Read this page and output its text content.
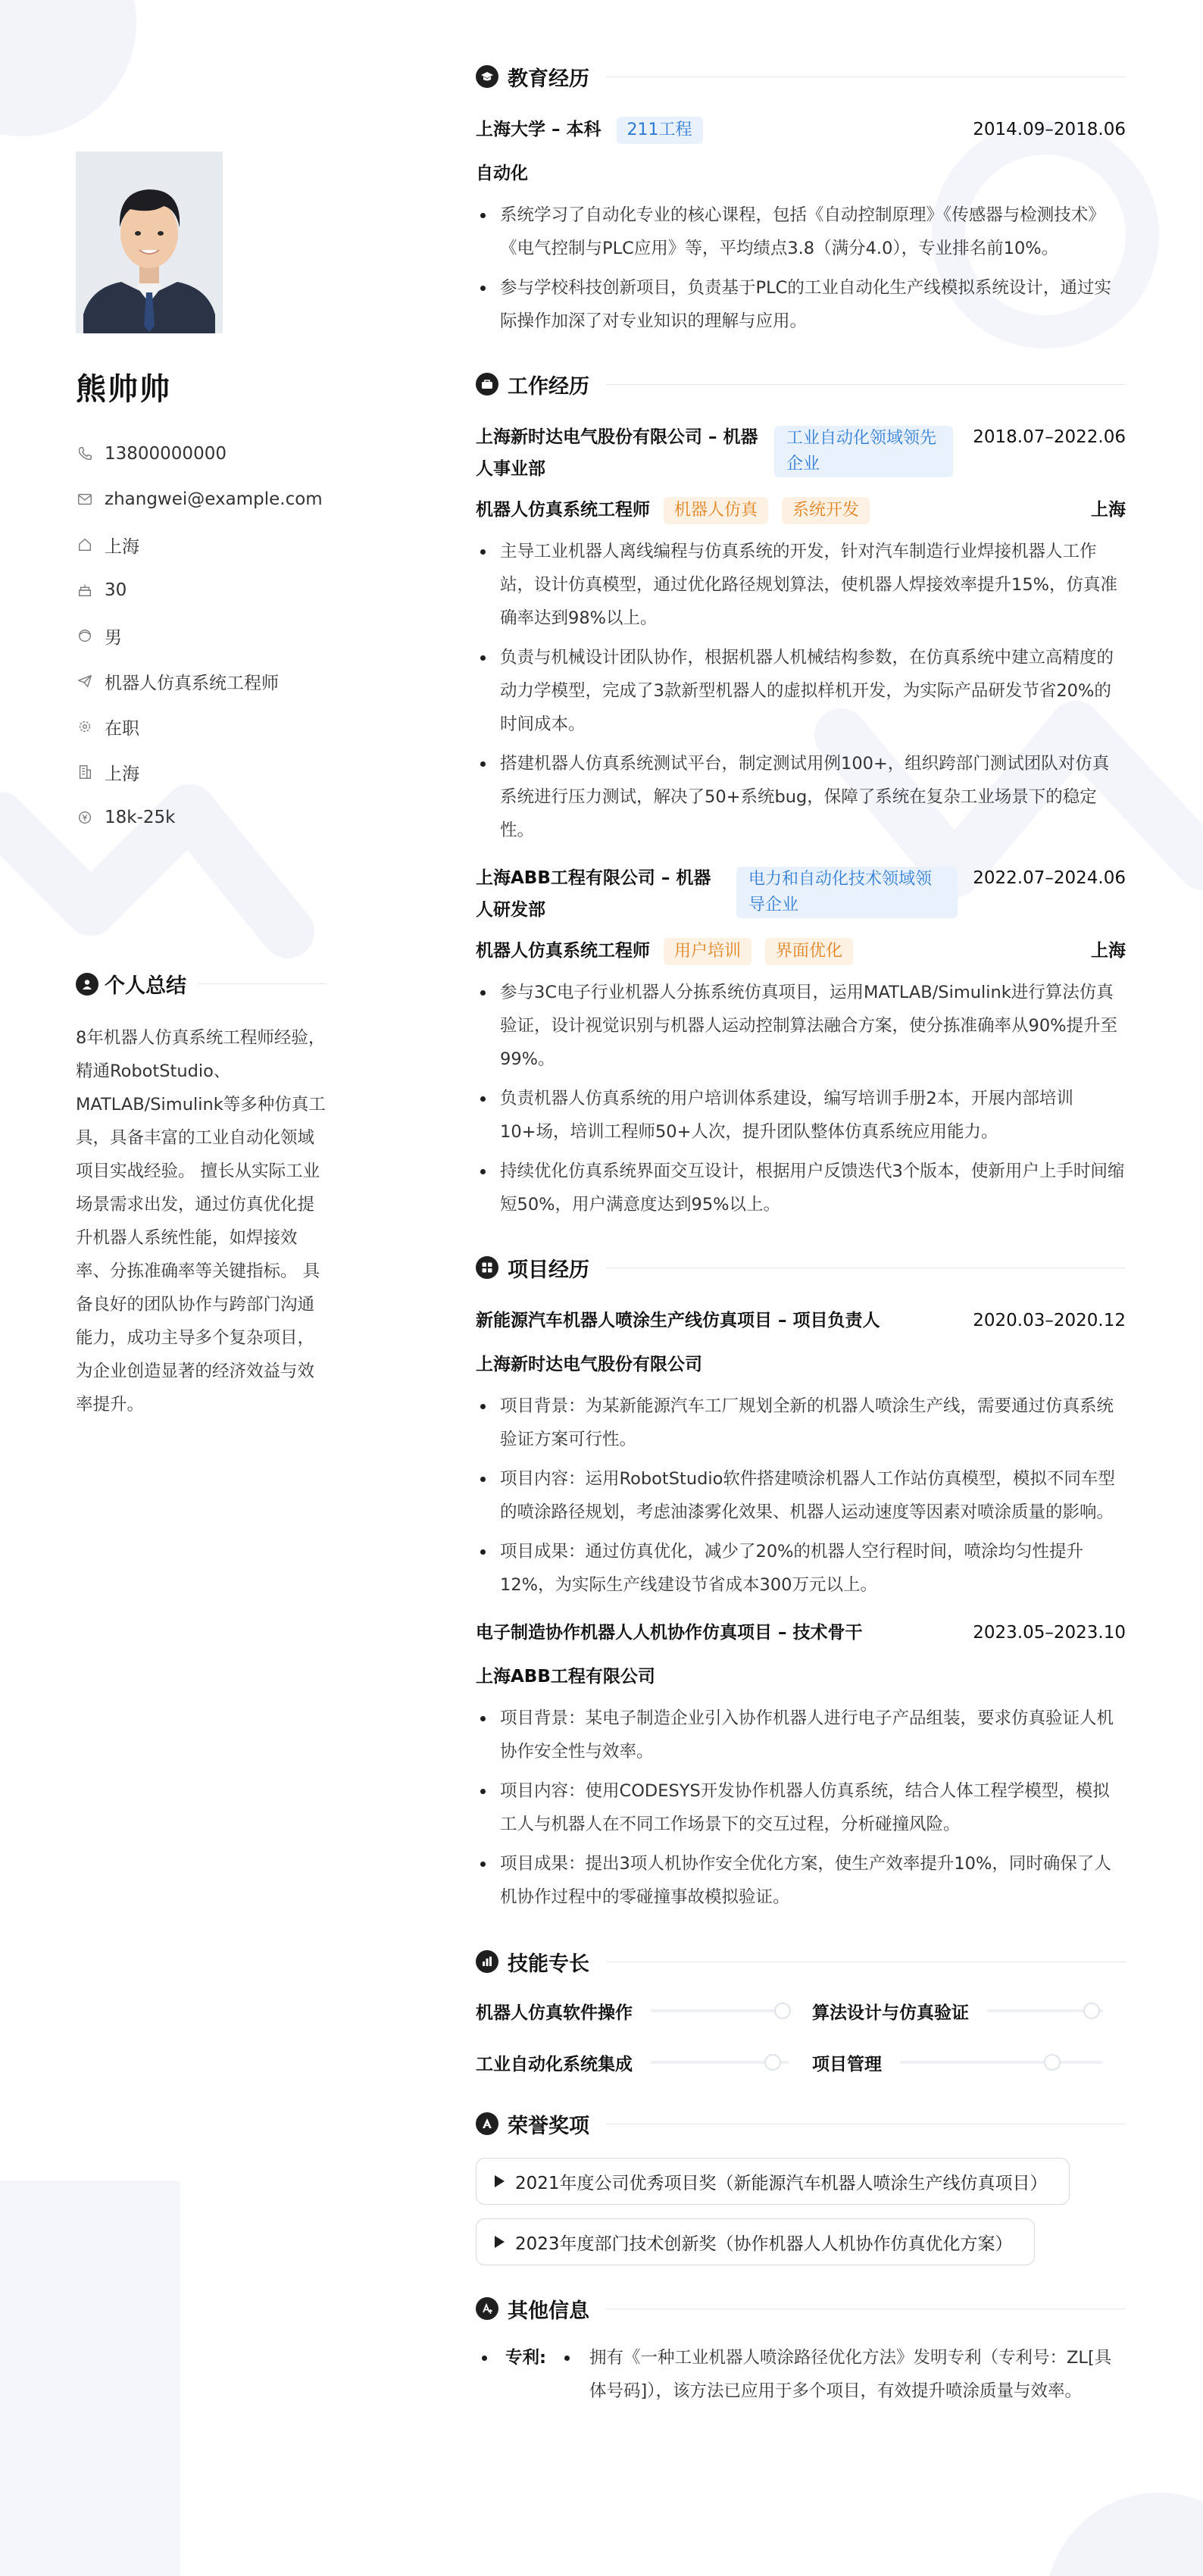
熊帅帅
13800000000
zhangwei@example.com
上海
30
男
机器人仿真系统工程师
在职
上海
18k-25k
个人总结

8年机器人仿真系统工程师经验，精通RobotStudio、MATLAB/Simulink等多种仿真工具，具备丰富的工业自动化领域项目实战经验。 擅长从实际工业场景需求出发，通过仿真优化提升机器人系统性能，如焊接效率、分拣准确率等关键指标。 具备良好的团队协作与跨部门沟通能力，成功主导多个复杂项目，为企业创造显著的经济效益与效率提升。

教育经历
上海大学 – 本科 211工程	2014.09–2018.06
自动化
系统学习了自动化专业的核心课程，包括《自动控制原理》《传感器与检测技术》《电气控制与PLC应用》等，平均绩点3.8（满分4.0），专业排名前10%。
参与学校科技创新项目，负责基于PLC的工业自动化生产线模拟系统设计，通过实际操作加深了对专业知识的理解与应用。
工作经历
上海新时达电气股份有限公司 – 机器人事业部
工业自动化领域领先企业
2018.07–2022.06
机器人仿真系统工程师 机器人仿真 系统开发	上海
主导工业机器人离线编程与仿真系统的开发，针对汽车制造行业焊接机器人工作站，设计仿真模型，通过优化路径规划算法，使机器人焊接效率提升15%，仿真准确率达到98%以上。
负责与机械设计团队协作，根据机器人机械结构参数，在仿真系统中建立高精度的动力学模型，完成了3款新型机器人的虚拟样机开发，为实际产品研发节省20%的时间成本。
搭建机器人仿真系统测试平台，制定测试用例100+，组织跨部门测试团队对仿真系统进行压力测试，解决了50+系统bug，保障了系统在复杂工业场景下的稳定性。
上海ABB工程有限公司 – 机器人研发部
电力和自动化技术领域领导企业
2022.07–2024.06
机器人仿真系统工程师 用户培训 界面优化	上海
参与3C电子行业机器人分拣系统仿真项目，运用MATLAB/Simulink进行算法仿真验证，设计视觉识别与机器人运动控制算法融合方案，使分拣准确率从90%提升至99%。
负责机器人仿真系统的用户培训体系建设，编写培训手册2本，开展内部培训10+场，培训工程师50+人次，提升团队整体仿真系统应用能力。
持续优化仿真系统界面交互设计，根据用户反馈迭代3个版本，使新用户上手时间缩短50%，用户满意度达到95%以上。
项目经历
新能源汽车机器人喷涂生产线仿真项目 – 项目负责人	2020.03–2020.12
上海新时达电气股份有限公司
项目背景：为某新能源汽车工厂规划全新的机器人喷涂生产线，需要通过仿真系统验证方案可行性。
项目内容：运用RobotStudio软件搭建喷涂机器人工作站仿真模型，模拟不同车型的喷涂路径规划，考虑油漆雾化效果、机器人运动速度等因素对喷涂质量的影响。
项目成果：通过仿真优化，减少了20%的机器人空行程时间，喷涂均匀性提升12%，为实际生产线建设节省成本300万元以上。
电子制造协作机器人人机协作仿真项目 – 技术骨干	2023.05–2023.10
上海ABB工程有限公司
项目背景：某电子制造企业引入协作机器人进行电子产品组装，要求仿真验证人机协作安全性与效率。
项目内容：使用CODESYS开发协作机器人仿真系统，结合人体工程学模型，模拟工人与机器人在不同工作场景下的交互过程，分析碰撞风险。
项目成果：提出3项人机协作安全优化方案，使生产效率提升10%，同时确保了人机协作过程中的零碰撞事故模拟验证。
技能专长
机器人仿真软件操作	算法设计与仿真验证
工业自动化系统集成	项目管理
荣誉奖项
2021年度公司优秀项目奖（新能源汽车机器人喷涂生产线仿真项目）
2023年度部门技术创新奖（协作机器人人机协作仿真优化方案）
其他信息
专利:	拥有《一种工业机器人喷涂路径优化方法》发明专利（专利号：ZL[具体号码]），该方法已应用于多个项目，有效提升喷涂质量与效率。
